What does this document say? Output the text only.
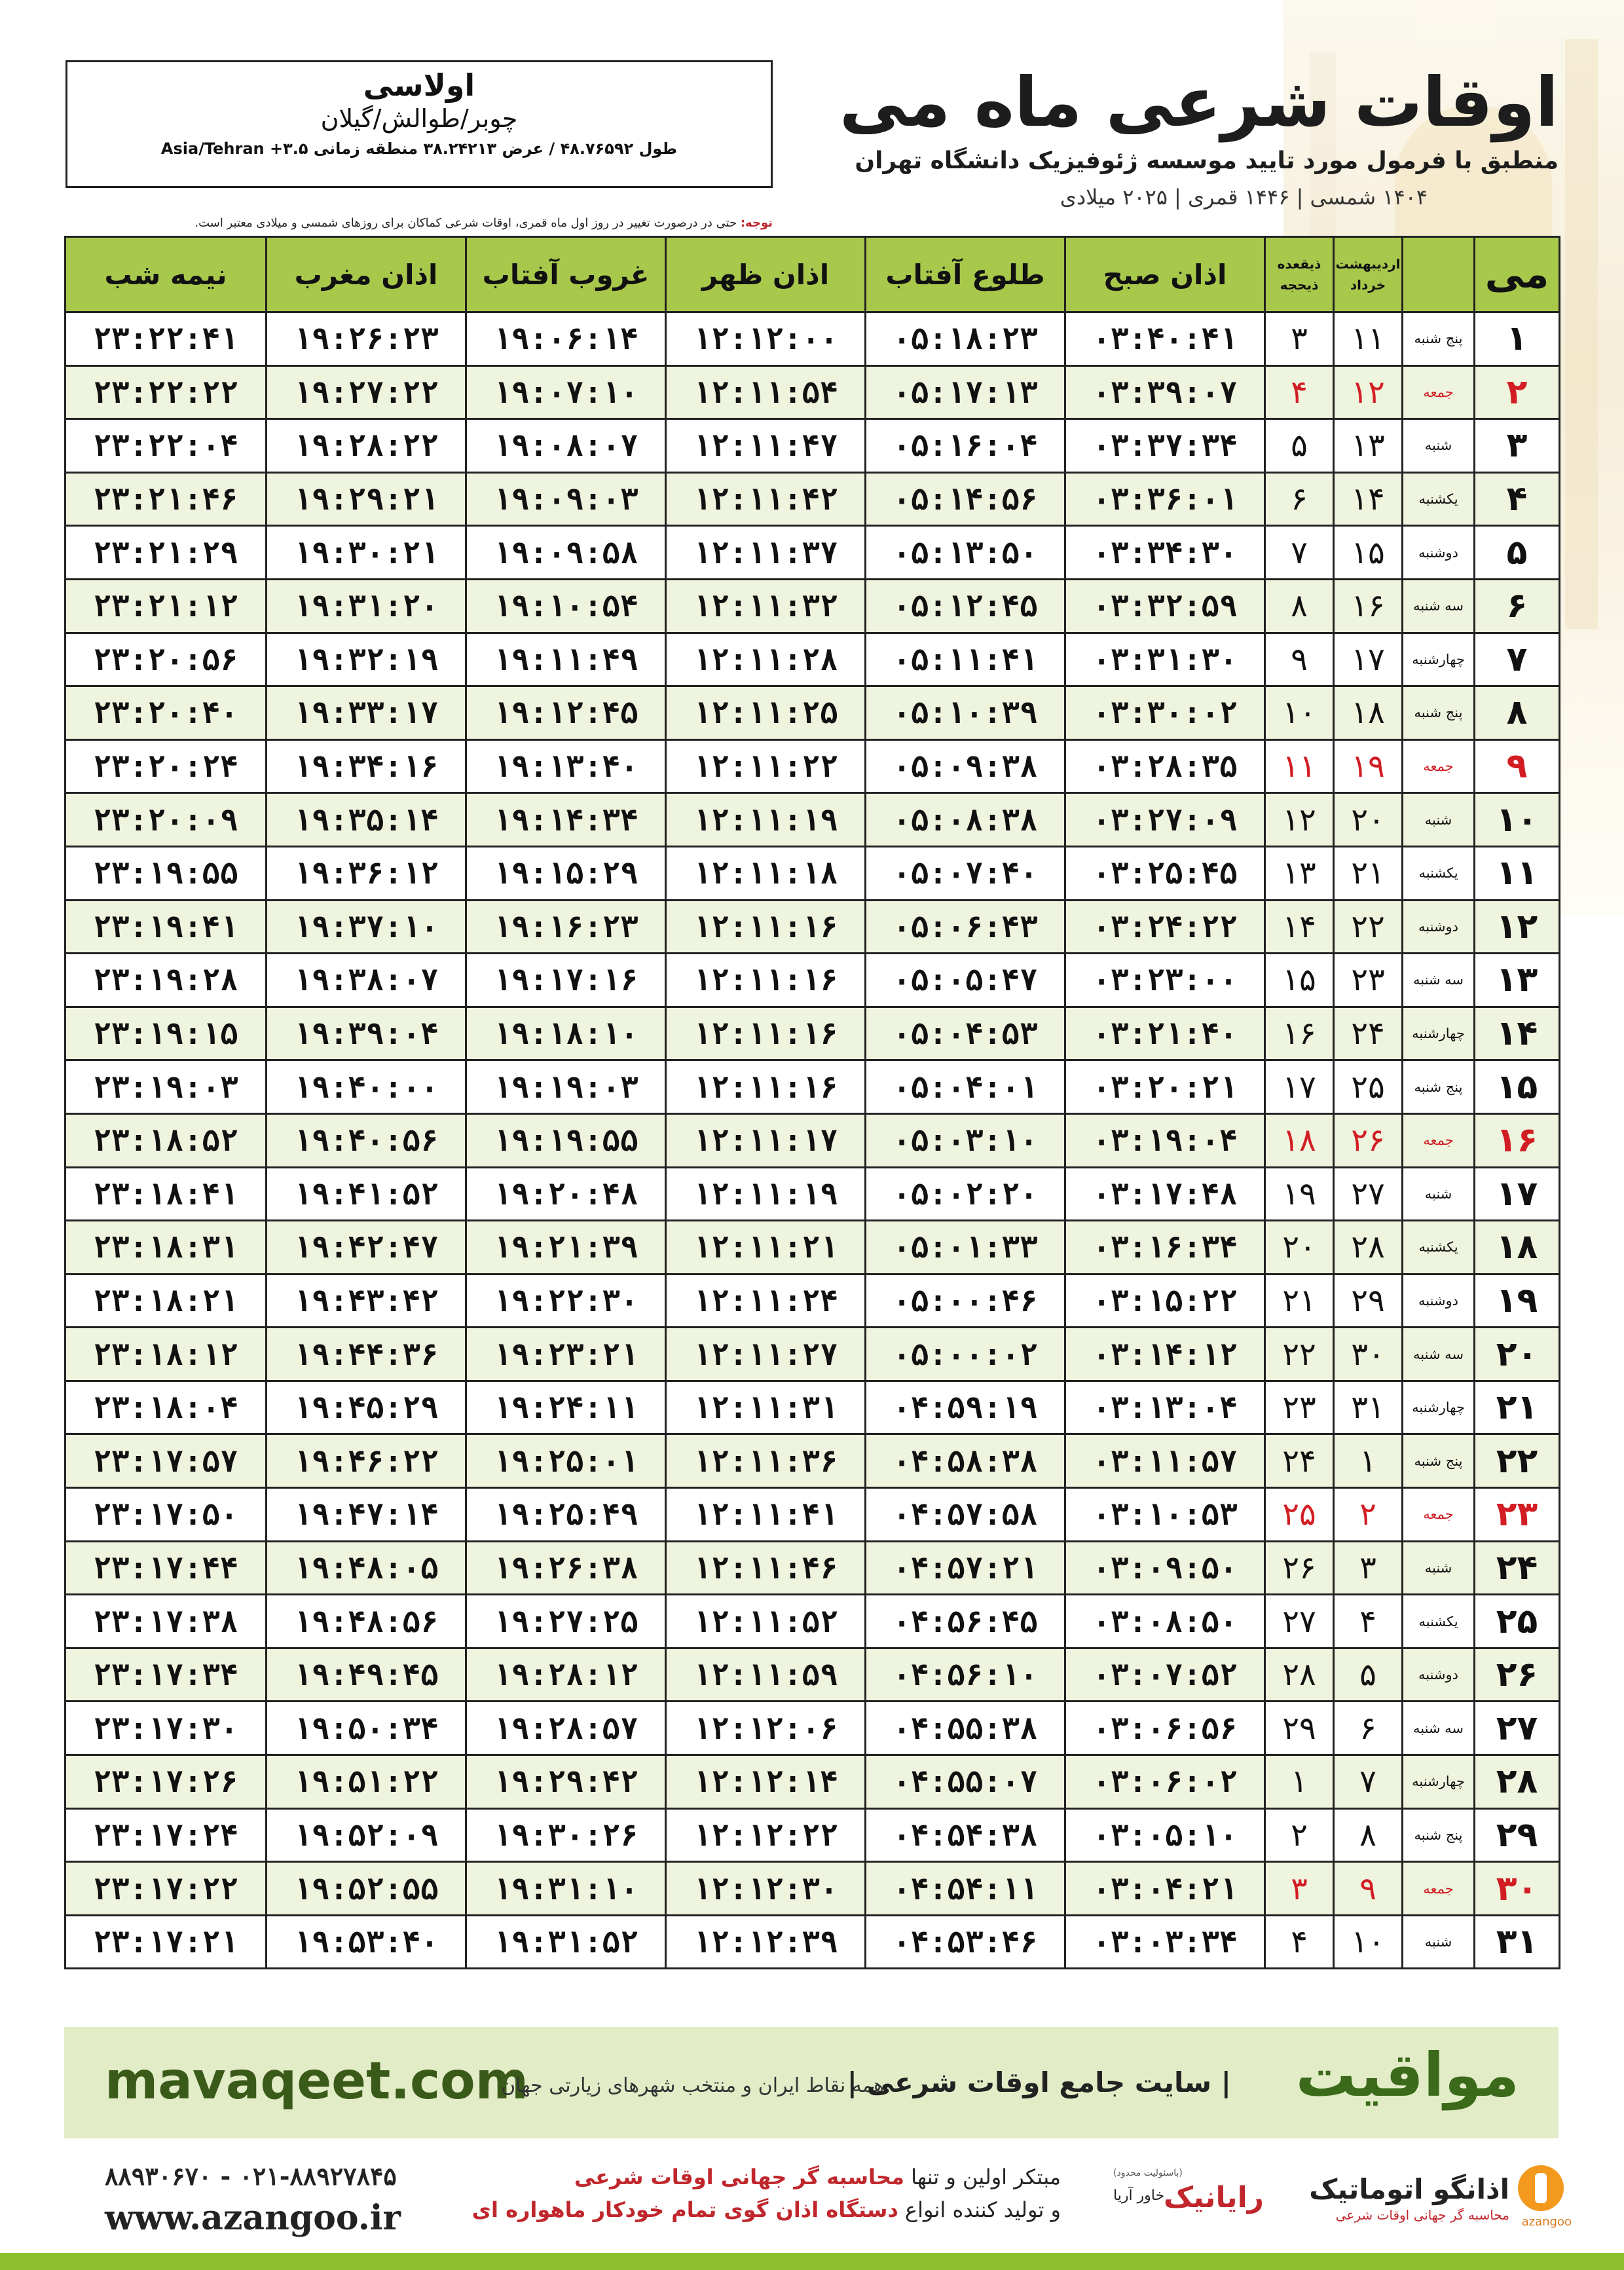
اولاسی
چوبر/طوالش/گیلان
طول ۴۸.۷۶۵۹۲ / عرض ۳۸.۲۴۲۱۳ منطقه زمانی ۳.۵+ Asia/Tehran
اوقات شرعی ماه می
منطبق با فرمول مورد تایید موسسه ژئوفیزیک دانشگاه تهران
۱۴۰۴ شمسی | ۱۴۴۶ قمری | ۲۰۲۵ میلادی
توجه: حتی در درصورت تغییر در روز اول ماه قمری، اوقات شرعی کماکان برای روزهای شمسی و میلادی معتبر است.
می		اردیبهشت خرداد	ذیقعده ذیحجه	اذان صبح	طلوع آفتاب	اذان ظهر	غروب آفتاب	اذان مغرب	نیمه شب
۱	پنج شنبه	۱۱	۳	۰۳:۴۰:۴۱	۰۵:۱۸:۲۳	۱۲:۱۲:۰۰	۱۹:۰۶:۱۴	۱۹:۲۶:۲۳	۲۳:۲۲:۴۱
۲	جمعه	۱۲	۴	۰۳:۳۹:۰۷	۰۵:۱۷:۱۳	۱۲:۱۱:۵۴	۱۹:۰۷:۱۰	۱۹:۲۷:۲۲	۲۳:۲۲:۲۲
۳	شنبه	۱۳	۵	۰۳:۳۷:۳۴	۰۵:۱۶:۰۴	۱۲:۱۱:۴۷	۱۹:۰۸:۰۷	۱۹:۲۸:۲۲	۲۳:۲۲:۰۴
۴	یکشنبه	۱۴	۶	۰۳:۳۶:۰۱	۰۵:۱۴:۵۶	۱۲:۱۱:۴۲	۱۹:۰۹:۰۳	۱۹:۲۹:۲۱	۲۳:۲۱:۴۶
۵	دوشنبه	۱۵	۷	۰۳:۳۴:۳۰	۰۵:۱۳:۵۰	۱۲:۱۱:۳۷	۱۹:۰۹:۵۸	۱۹:۳۰:۲۱	۲۳:۲۱:۲۹
۶	سه شنبه	۱۶	۸	۰۳:۳۲:۵۹	۰۵:۱۲:۴۵	۱۲:۱۱:۳۲	۱۹:۱۰:۵۴	۱۹:۳۱:۲۰	۲۳:۲۱:۱۲
۷	چهارشنبه	۱۷	۹	۰۳:۳۱:۳۰	۰۵:۱۱:۴۱	۱۲:۱۱:۲۸	۱۹:۱۱:۴۹	۱۹:۳۲:۱۹	۲۳:۲۰:۵۶
۸	پنج شنبه	۱۸	۱۰	۰۳:۳۰:۰۲	۰۵:۱۰:۳۹	۱۲:۱۱:۲۵	۱۹:۱۲:۴۵	۱۹:۳۳:۱۷	۲۳:۲۰:۴۰
۹	جمعه	۱۹	۱۱	۰۳:۲۸:۳۵	۰۵:۰۹:۳۸	۱۲:۱۱:۲۲	۱۹:۱۳:۴۰	۱۹:۳۴:۱۶	۲۳:۲۰:۲۴
۱۰	شنبه	۲۰	۱۲	۰۳:۲۷:۰۹	۰۵:۰۸:۳۸	۱۲:۱۱:۱۹	۱۹:۱۴:۳۴	۱۹:۳۵:۱۴	۲۳:۲۰:۰۹
۱۱	یکشنبه	۲۱	۱۳	۰۳:۲۵:۴۵	۰۵:۰۷:۴۰	۱۲:۱۱:۱۸	۱۹:۱۵:۲۹	۱۹:۳۶:۱۲	۲۳:۱۹:۵۵
۱۲	دوشنبه	۲۲	۱۴	۰۳:۲۴:۲۲	۰۵:۰۶:۴۳	۱۲:۱۱:۱۶	۱۹:۱۶:۲۳	۱۹:۳۷:۱۰	۲۳:۱۹:۴۱
۱۳	سه شنبه	۲۳	۱۵	۰۳:۲۳:۰۰	۰۵:۰۵:۴۷	۱۲:۱۱:۱۶	۱۹:۱۷:۱۶	۱۹:۳۸:۰۷	۲۳:۱۹:۲۸
۱۴	چهارشنبه	۲۴	۱۶	۰۳:۲۱:۴۰	۰۵:۰۴:۵۳	۱۲:۱۱:۱۶	۱۹:۱۸:۱۰	۱۹:۳۹:۰۴	۲۳:۱۹:۱۵
۱۵	پنج شنبه	۲۵	۱۷	۰۳:۲۰:۲۱	۰۵:۰۴:۰۱	۱۲:۱۱:۱۶	۱۹:۱۹:۰۳	۱۹:۴۰:۰۰	۲۳:۱۹:۰۳
۱۶	جمعه	۲۶	۱۸	۰۳:۱۹:۰۴	۰۵:۰۳:۱۰	۱۲:۱۱:۱۷	۱۹:۱۹:۵۵	۱۹:۴۰:۵۶	۲۳:۱۸:۵۲
۱۷	شنبه	۲۷	۱۹	۰۳:۱۷:۴۸	۰۵:۰۲:۲۰	۱۲:۱۱:۱۹	۱۹:۲۰:۴۸	۱۹:۴۱:۵۲	۲۳:۱۸:۴۱
۱۸	یکشنبه	۲۸	۲۰	۰۳:۱۶:۳۴	۰۵:۰۱:۳۳	۱۲:۱۱:۲۱	۱۹:۲۱:۳۹	۱۹:۴۲:۴۷	۲۳:۱۸:۳۱
۱۹	دوشنبه	۲۹	۲۱	۰۳:۱۵:۲۲	۰۵:۰۰:۴۶	۱۲:۱۱:۲۴	۱۹:۲۲:۳۰	۱۹:۴۳:۴۲	۲۳:۱۸:۲۱
۲۰	سه شنبه	۳۰	۲۲	۰۳:۱۴:۱۲	۰۵:۰۰:۰۲	۱۲:۱۱:۲۷	۱۹:۲۳:۲۱	۱۹:۴۴:۳۶	۲۳:۱۸:۱۲
۲۱	چهارشنبه	۳۱	۲۳	۰۳:۱۳:۰۴	۰۴:۵۹:۱۹	۱۲:۱۱:۳۱	۱۹:۲۴:۱۱	۱۹:۴۵:۲۹	۲۳:۱۸:۰۴
۲۲	پنج شنبه	۱	۲۴	۰۳:۱۱:۵۷	۰۴:۵۸:۳۸	۱۲:۱۱:۳۶	۱۹:۲۵:۰۱	۱۹:۴۶:۲۲	۲۳:۱۷:۵۷
۲۳	جمعه	۲	۲۵	۰۳:۱۰:۵۳	۰۴:۵۷:۵۸	۱۲:۱۱:۴۱	۱۹:۲۵:۴۹	۱۹:۴۷:۱۴	۲۳:۱۷:۵۰
۲۴	شنبه	۳	۲۶	۰۳:۰۹:۵۰	۰۴:۵۷:۲۱	۱۲:۱۱:۴۶	۱۹:۲۶:۳۸	۱۹:۴۸:۰۵	۲۳:۱۷:۴۴
۲۵	یکشنبه	۴	۲۷	۰۳:۰۸:۵۰	۰۴:۵۶:۴۵	۱۲:۱۱:۵۲	۱۹:۲۷:۲۵	۱۹:۴۸:۵۶	۲۳:۱۷:۳۸
۲۶	دوشنبه	۵	۲۸	۰۳:۰۷:۵۲	۰۴:۵۶:۱۰	۱۲:۱۱:۵۹	۱۹:۲۸:۱۲	۱۹:۴۹:۴۵	۲۳:۱۷:۳۴
۲۷	سه شنبه	۶	۲۹	۰۳:۰۶:۵۶	۰۴:۵۵:۳۸	۱۲:۱۲:۰۶	۱۹:۲۸:۵۷	۱۹:۵۰:۳۴	۲۳:۱۷:۳۰
۲۸	چهارشنبه	۷	۱	۰۳:۰۶:۰۲	۰۴:۵۵:۰۷	۱۲:۱۲:۱۴	۱۹:۲۹:۴۲	۱۹:۵۱:۲۲	۲۳:۱۷:۲۶
۲۹	پنج شنبه	۸	۲	۰۳:۰۵:۱۰	۰۴:۵۴:۳۸	۱۲:۱۲:۲۲	۱۹:۳۰:۲۶	۱۹:۵۲:۰۹	۲۳:۱۷:۲۴
۳۰	جمعه	۹	۳	۰۳:۰۴:۲۱	۰۴:۵۴:۱۱	۱۲:۱۲:۳۰	۱۹:۳۱:۱۰	۱۹:۵۲:۵۵	۲۳:۱۷:۲۲
۳۱	شنبه	۱۰	۴	۰۳:۰۳:۳۴	۰۴:۵۳:۴۶	۱۲:۱۲:۳۹	۱۹:۳۱:۵۲	۱۹:۵۳:۴۰	۲۳:۱۷:۲۱
mavaqeet.com
همه نقاط ایران و منتخب شهرهای زیارتی جهان
| سایت جامع اوقات شرعی | مواقیت
۰۲۱-۸۸۹۲۷۸۴۵ - ۸۸۹۳۰۶۷۰
www.azangoo.ir
مبتکر اولین و تنها محاسبه گر جهانی اوقات شرعی
و تولید کننده انواع دستگاه اذان گوی تمام خودکار ماهواره ای
(باسئولیت محدود)
خاور آریا
رایانیک اذانگو اتوماتیک
محاسبه گر جهانی اوقات شرعی azangoo
